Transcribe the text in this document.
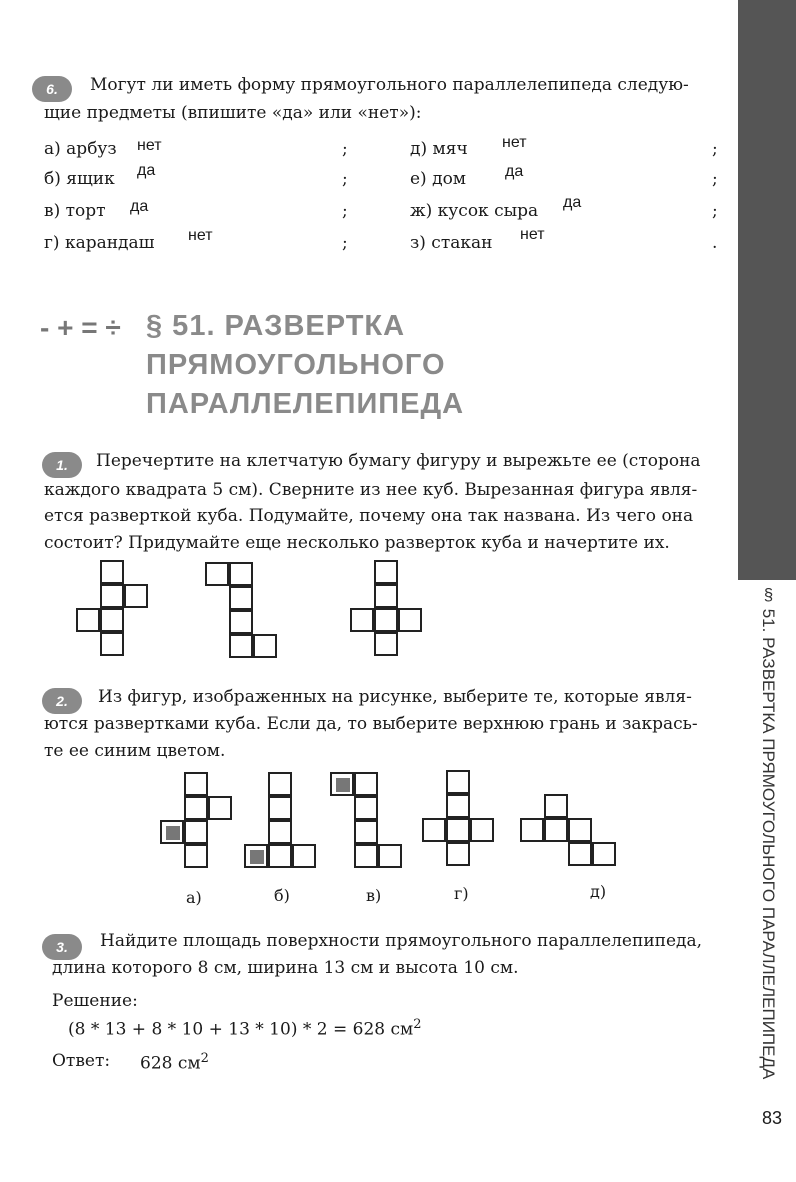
§ 51. РАЗВЕРТКА ПРЯМОУГОЛЬНОГО ПАРАЛЛЕЛЕПИПЕДА
83
6.	Могут ли иметь форму прямоугольного параллелепипеда следую-
щие предметы (впишите «да» или «нет»):
а) арбуз нет	;
б) ящик да	;
в) торт да	;
г) карандаш нет	;
д) мяч нет	;
е) дом да	;
ж) кусок сыра да	;
з) стакан нет	.
- + = ÷ § 51. РАЗВЕРТКА
ПРЯМОУГОЛЬНОГО
ПАРАЛЛЕЛЕПИПЕДА
1.	Перечертите на клетчатую бумагу фигуру и вырежьте ее (сторона
каждого квадрата 5 см). Сверните из нее куб. Вырезанная фигура явля-
ется разверткой куба. Подумайте, почему она так названа. Из чего она
состоит? Придумайте еще несколько разверток куба и начертите их.
2.	Из фигур, изображенных на рисунке, выберите те, которые явля-
ются развертками куба. Если да, то выберите верхнюю грань и закрась-
те ее синим цветом.
а)	б)	в)	г)	д)
3.	Найдите площадь поверхности прямоугольного параллелепипеда,
длина которого 8 см, ширина 13 см и высота 10 см.
Решение:
(8 * 13 + 8 * 10 + 13 * 10) * 2 = 628 $см^2$
Ответ: 628 $см^2$
